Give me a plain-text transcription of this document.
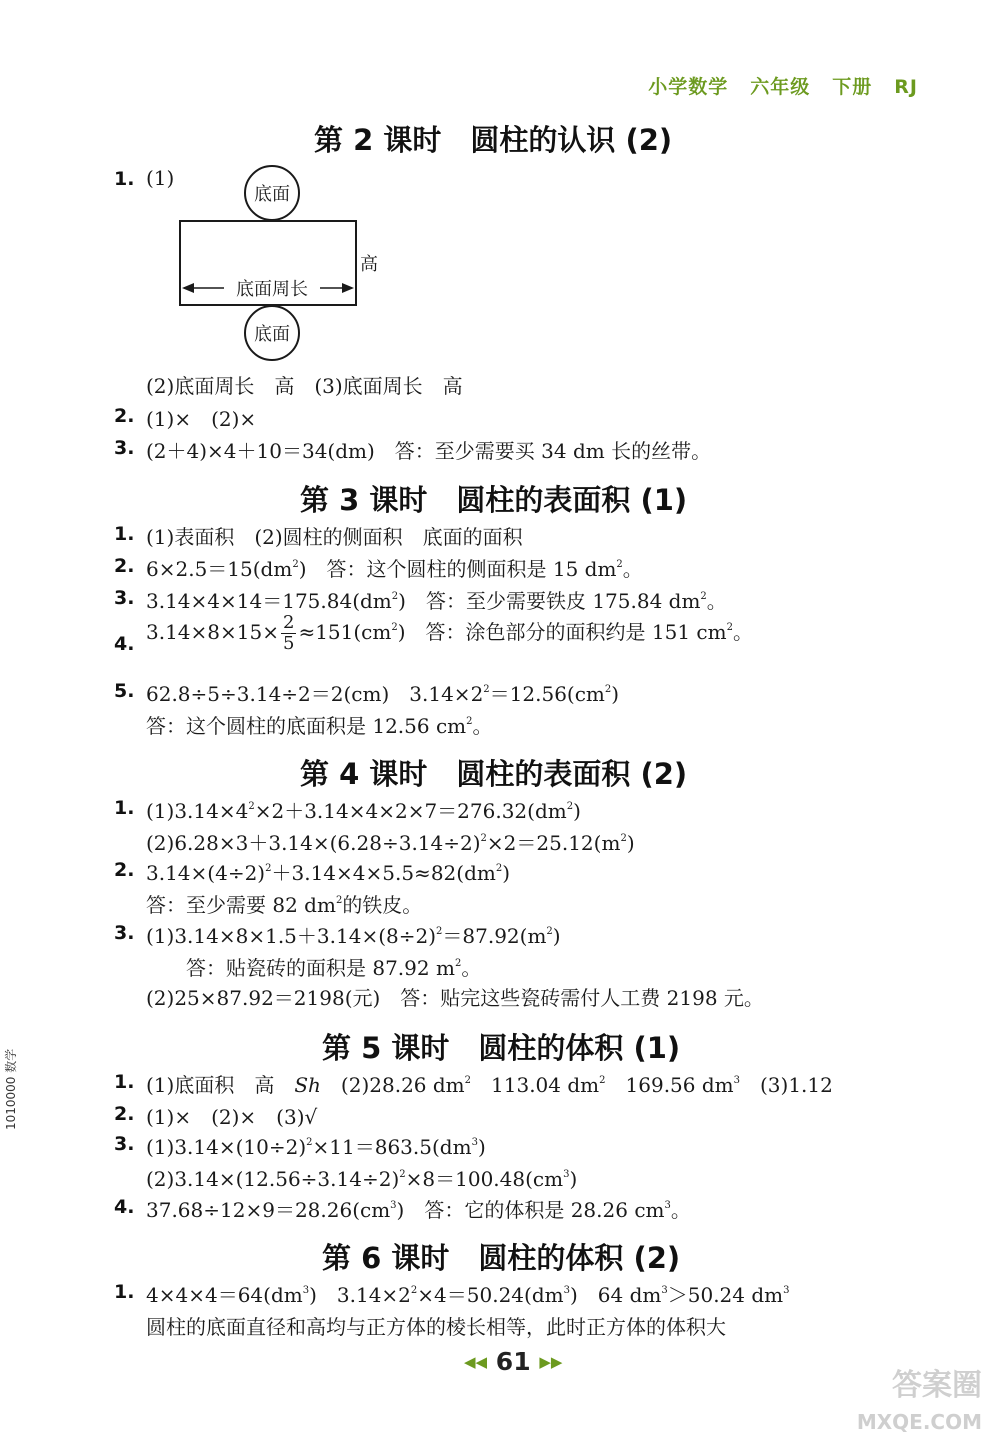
小学数学 六年级 下册 RJ
第 2 课时　圆柱的认识 (2)
1. (1)
底面
底面周长
底面
高
(2)底面周长　高　(3)底面周长　高
2. (1)×　(2)×
3. (2＋4)×4＋10＝34(dm)　答：至少需要买 34 dm 长的丝带。
第 3 课时　圆柱的表面积 (1)
1. (1)表面积　(2)圆柱的侧面积　底面的面积
2. $6\times 2.5=15(dm^2)$　答：这个圆柱的侧面积是 15 $dm^2$。
3. $3.14\times 4\times 14=175.84(dm^2)$　答：至少需要铁皮 175.84 $dm^2$。
4. $3.14\times 8\times 15\times \frac{2}{5} \approx 151(cm^2)$　答：涂色部分的面积约是 151 $cm^2$。
5. 62.8÷5÷3.14÷2＝2(cm)　$3.14\times 2^2=12.56(cm^2)$
答：这个圆柱的底面积是 12.56 $cm^2$。
第 4 课时　圆柱的表面积 (2)
1. $(1)3.14\times 4^2\times 2+3.14\times 4\times 2\times 7=276.32(dm^2)$
$(2)6.28\times 3+3.14\times(6.28\div 3.14\div 2)^2\times 2=25.12(m^2)$
2. $3.14\times(4\div 2)^2+3.14\times 4\times 5.5\approx 82(dm^2)$
答：至少需要 82 $dm^2$的铁皮。
3. $(1)3.14\times 8\times 1.5+3.14\times(8\div 2)^2=87.92(m^2)$
答：贴瓷砖的面积是 87.92 $m^2$。
(2)25×87.92＝2198(元)　答：贴完这些瓷砖需付人工费 2198 元。
第 5 课时　圆柱的体积 (1)
1. (1)底面积　高　Sh　(2)28.26 $dm^2$　113.04 $dm^2$　169.56 $dm^3$　(3)1.12
2. (1)×　(2)×　(3)√
3. $(1)3.14\times(10\div 2)^2\times 11=863.5(dm^3)$
$(2)3.14\times(12.56\div 3.14\div 2)^2\times 8=100.48(cm^3)$
4. $37.68\div 12\times 9=28.26(cm^3)$　答：它的体积是 28.26 $cm^3$。
第 6 课时　圆柱的体积 (2)
1. $4\times 4\times 4=64(dm^3)$　$3.14\times 2^2\times 4=50.24(dm^3)$　64 $dm^3>50.24$ $dm^3$
圆柱的底面直径和高均与正方体的棱长相等，此时正方体的体积大
1010000 数学
◀◀ 61 ▶▶
答案圈
MXQE.COM
